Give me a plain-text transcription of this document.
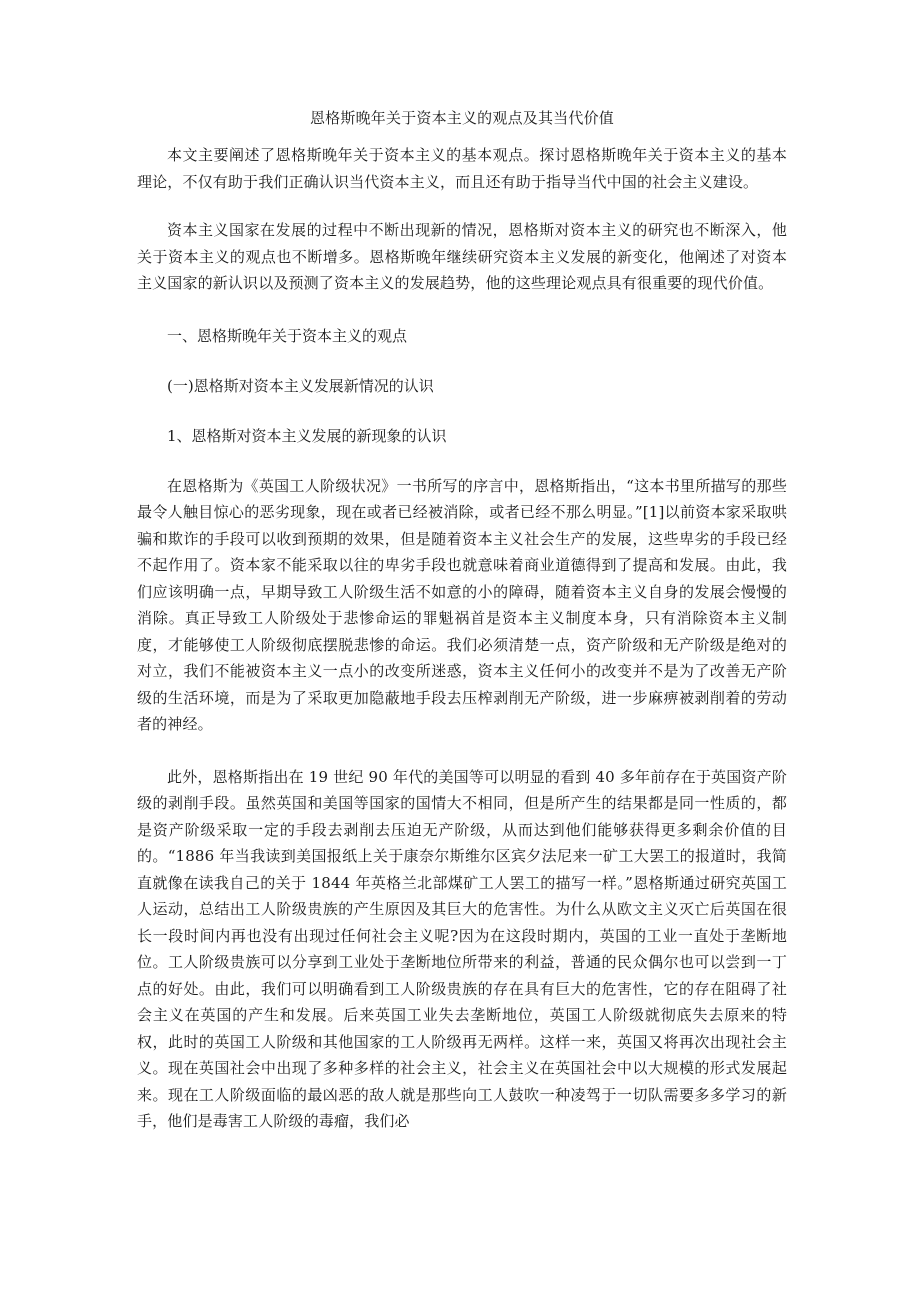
恩格斯晚年关于资本主义的观点及其当代价值

本文主要阐述了恩格斯晚年关于资本主义的基本观点。探讨恩格斯晚年关于资本主义的基本理论，不仅有助于我们正确认识当代资本主义，而且还有助于指导当代中国的社会主义建设。

资本主义国家在发展的过程中不断出现新的情况，恩格斯对资本主义的研究也不断深入，他关于资本主义的观点也不断增多。恩格斯晚年继续研究资本主义发展的新变化，他阐述了对资本主义国家的新认识以及预测了资本主义的发展趋势，他的这些理论观点具有很重要的现代价值。

一、恩格斯晚年关于资本主义的观点

(一)恩格斯对资本主义发展新情况的认识

1、恩格斯对资本主义发展的新现象的认识

在恩格斯为《英国工人阶级状况》一书所写的序言中，恩格斯指出，“这本书里所描写的那些最令人触目惊心的恶劣现象，现在或者已经被消除，或者已经不那么明显。”[1]以前资本家采取哄骗和欺诈的手段可以收到预期的效果，但是随着资本主义社会生产的发展，这些卑劣的手段已经不起作用了。资本家不能采取以往的卑劣手段也就意味着商业道德得到了提高和发展。由此，我们应该明确一点，早期导致工人阶级生活不如意的小的障碍，随着资本主义自身的发展会慢慢的消除。真正导致工人阶级处于悲惨命运的罪魁祸首是资本主义制度本身，只有消除资本主义制度，才能够使工人阶级彻底摆脱悲惨的命运。我们必须清楚一点，资产阶级和无产阶级是绝对的对立，我们不能被资本主义一点小的改变所迷惑，资本主义任何小的改变并不是为了改善无产阶级的生活环境，而是为了采取更加隐蔽地手段去压榨剥削无产阶级，进一步麻痹被剥削着的劳动者的神经。

此外，恩格斯指出在 19 世纪 90 年代的美国等可以明显的看到 40 多年前存在于英国资产阶级的剥削手段。虽然英国和美国等国家的国情大不相同，但是所产生的结果都是同一性质的，都是资产阶级采取一定的手段去剥削去压迫无产阶级，从而达到他们能够获得更多剩余价值的目的。“1886 年当我读到美国报纸上关于康奈尔斯维尔区宾夕法尼来一矿工大罢工的报道时，我简直就像在读我自己的关于 1844 年英格兰北部煤矿工人罢工的描写一样。”恩格斯通过研究英国工人运动，总结出工人阶级贵族的产生原因及其巨大的危害性。为什么从欧文主义灭亡后英国在很长一段时间内再也没有出现过任何社会主义呢?因为在这段时期内，英国的工业一直处于垄断地位。工人阶级贵族可以分享到工业处于垄断地位所带来的利益，普通的民众偶尔也可以尝到一丁点的好处。由此，我们可以明确看到工人阶级贵族的存在具有巨大的危害性，它的存在阻碍了社会主义在英国的产生和发展。后来英国工业失去垄断地位，英国工人阶级就彻底失去原来的特权，此时的英国工人阶级和其他国家的工人阶级再无两样。这样一来，英国又将再次出现社会主义。现在英国社会中出现了多种多样的社会主义，社会主义在英国社会中以大规模的形式发展起来。现在工人阶级面临的最凶恶的敌人就是那些向工人鼓吹一种凌驾于一切队需要多多学习的新手，他们是毒害工人阶级的毒瘤，我们必
